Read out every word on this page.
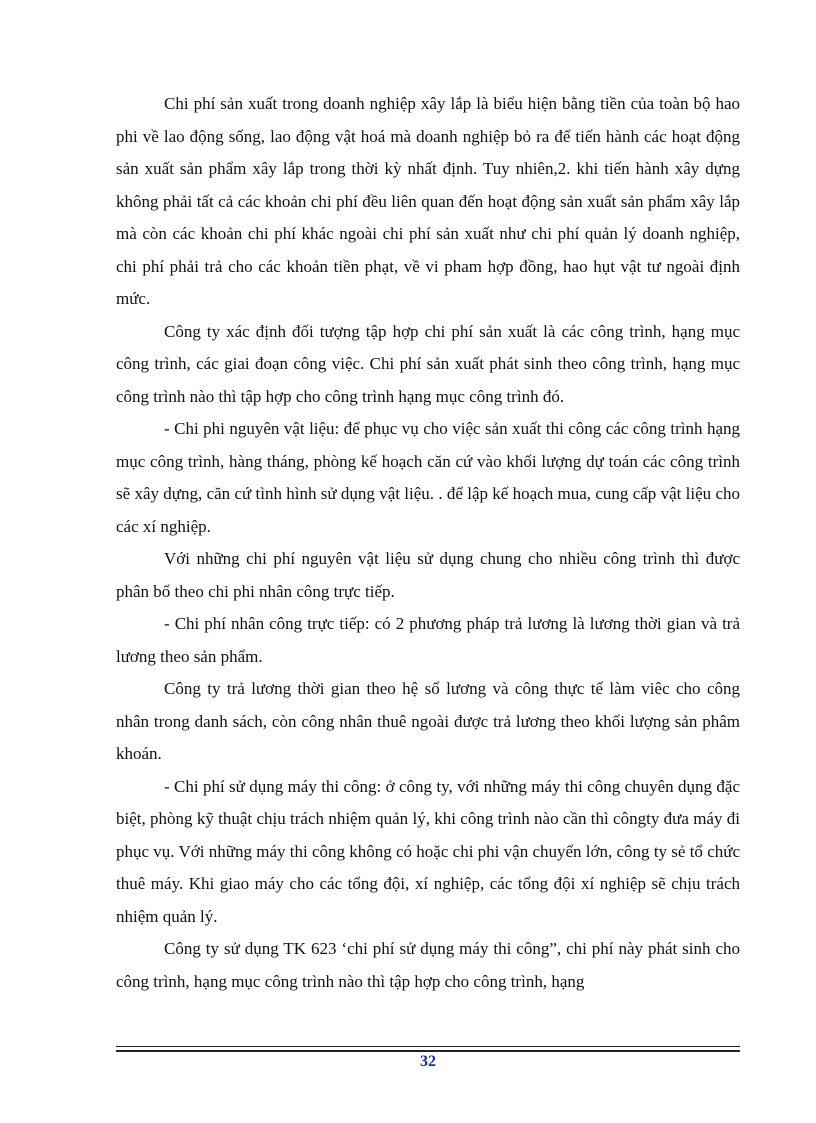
Chi phí sản xuất trong doanh nghiệp xây lắp là biểu hiện bằng tiền của toàn bộ hao phi về lao động sống, lao động vật hoá mà doanh nghiệp bỏ ra để tiến hành các hoạt động sản xuất sản phẩm xây lắp trong thời kỳ nhất định. Tuy nhiên,2. khi tiến hành xây dựng không phải tất cả các khoản chi phí đều liên quan đến hoạt động sản xuất sản phẩm xây lắp mà còn các khoản chi phí khác ngoài chi phí sản xuất như chi phí quản lý doanh nghiệp, chi phí phải trả cho các khoản tiền phạt, về vi pham hợp đồng, hao hụt vật tư ngoài định mức.

Công ty xác định đối tượng tập hợp chi phí sản xuất là các công trình, hạng mục công trình, các giai đoạn công việc. Chi phí sản xuất phát sinh theo công trình, hạng mục công trình nào thì tập hợp cho công trình hạng mục công trình đó.

- Chi phi nguyên vật liệu: để phục vụ cho việc sản xuất thi công các công trình hạng mục công trình, hàng tháng, phòng kế hoạch căn cứ vào khối lượng dự toán các công trình sẽ xây dựng, căn cứ tình hình sử dụng vật liệu. . để lập kế hoạch mua, cung cấp vật liệu cho các xí nghiệp.

Với những chi phí nguyên vật liệu sử dụng chung cho nhiều công trình thì được phân bổ theo chi phi nhân công trực tiếp.

- Chi phí nhân công trực tiếp: có 2 phương pháp trả lương là lương thời gian và trả lương theo sản phẩm.

Công ty trả lương thời gian theo hệ số lương và công thực tế làm viêc cho công nhân trong danh sách, còn công nhân thuê ngoài được trả lương theo khối lượng sản phâm khoán.

- Chi phí sử dụng máy thi công: ở công ty, với những máy thi công chuyên dụng đặc biệt, phòng kỹ thuật chịu trách nhiệm quản lý, khi công trình nào cần thì côngty đưa máy đi phục vụ. Với những máy thi công không có hoặc chi phi vận chuyển lớn, công ty sẻ tổ chức thuê máy. Khi giao máy cho các tổng đội, xí nghiệp, các tổng đội xí nghiệp sẽ chịu trách nhiệm quản lý.

Công ty sử dụng TK 623 ‘chi phí sử dụng máy thi công”, chi phí này phát sinh cho công trình, hạng mục công trình nào thì tập hợp cho công trình, hạng

32
